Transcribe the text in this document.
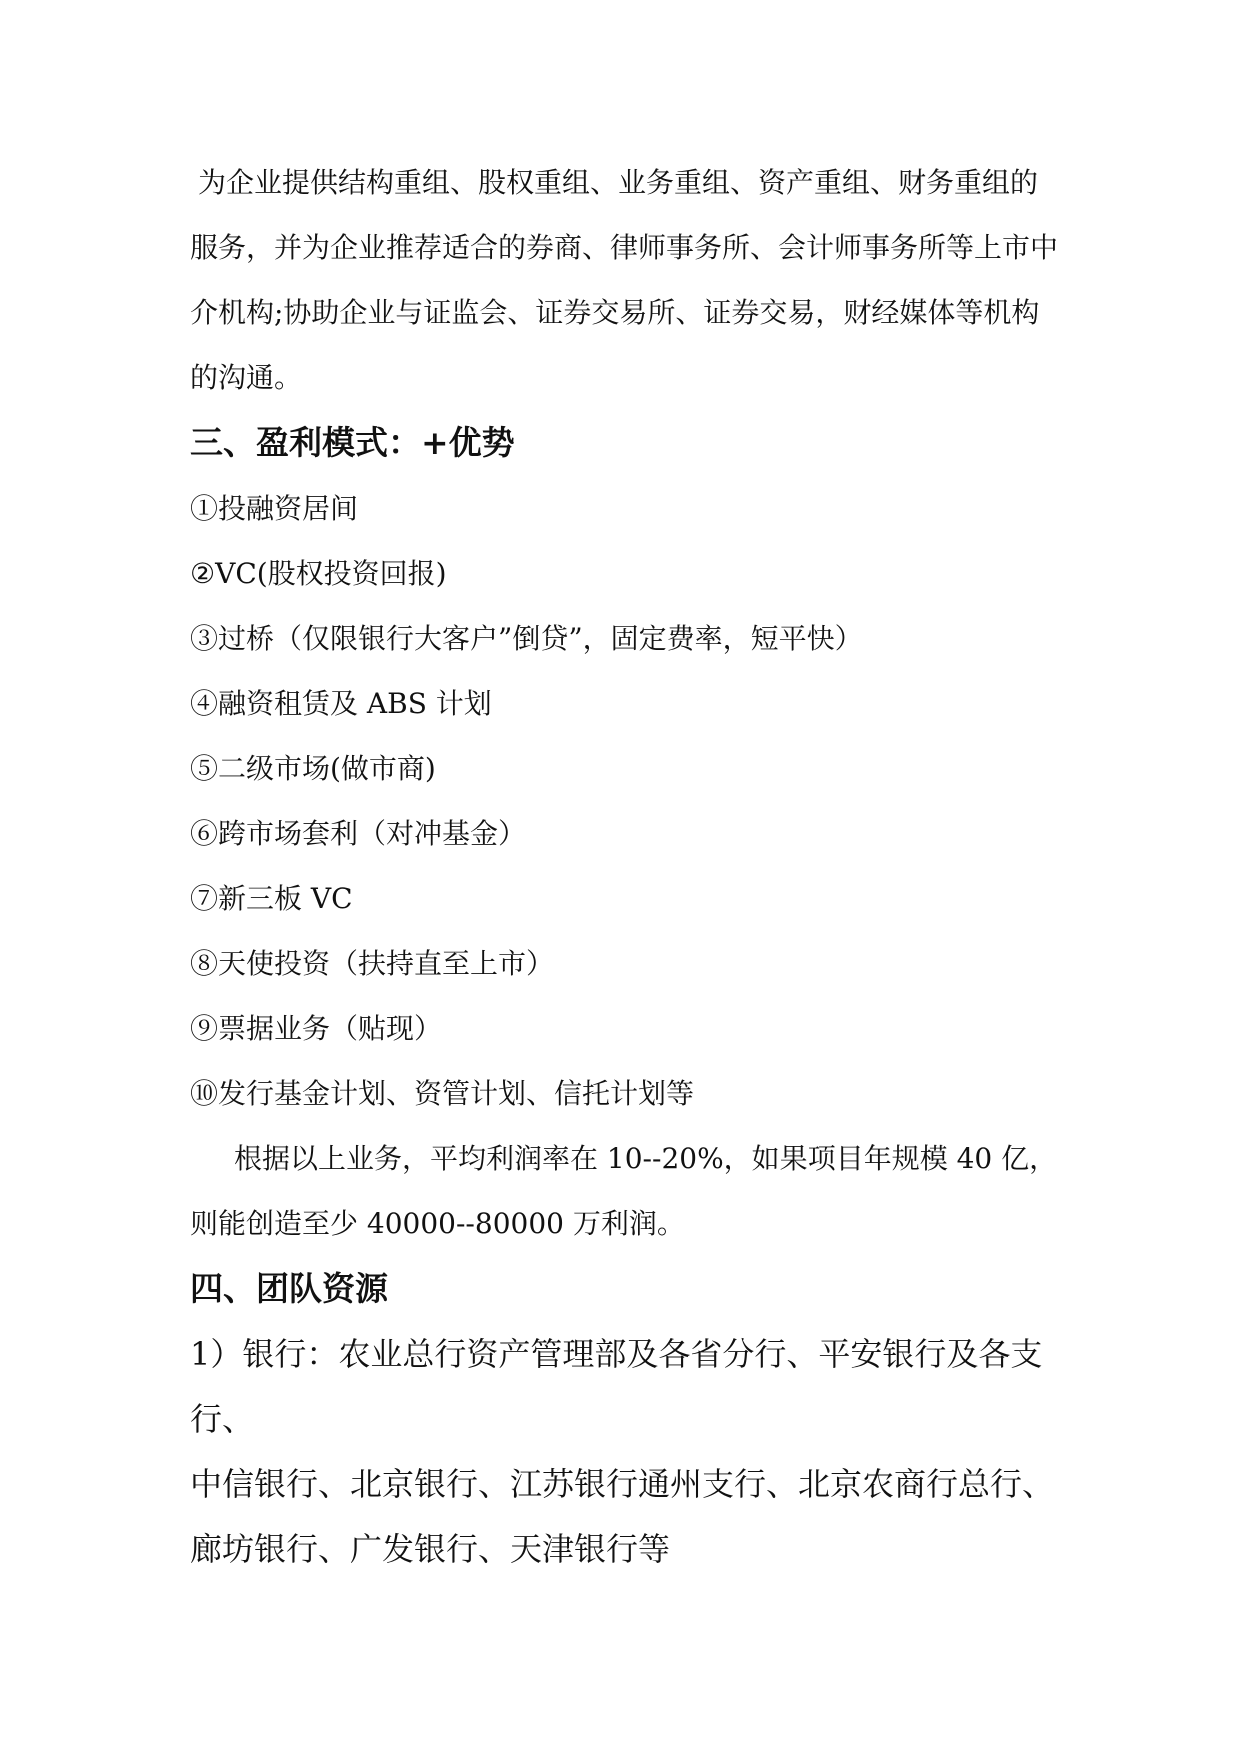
为企业提供结构重组、股权重组、业务重组、资产重组、财务重组的服务，并为企业推荐适合的券商、律师事务所、会计师事务所等上市中介机构;协助企业与证监会、证券交易所、证券交易，财经媒体等机构的沟通。

三、盈利模式：+优势

①投融资居间

②VC(股权投资回报)

③过桥（仅限银行大客户”倒贷”，固定费率，短平快）

④融资租赁及 ABS 计划

⑤二级市场(做市商)

⑥跨市场套利（对冲基金）

⑦新三板 VC

⑧天使投资（扶持直至上市）

⑨票据业务（贴现）

⑩发行基金计划、资管计划、信托计划等

根据以上业务，平均利润率在 10--20%，如果项目年规模 40 亿，则能创造至少 40000--80000 万利润。

四、团队资源

1）银行：农业总行资产管理部及各省分行、平安银行及各支行、

中信银行、北京银行、江苏银行通州支行、北京农商行总行、廊坊银行、广发银行、天津银行等
